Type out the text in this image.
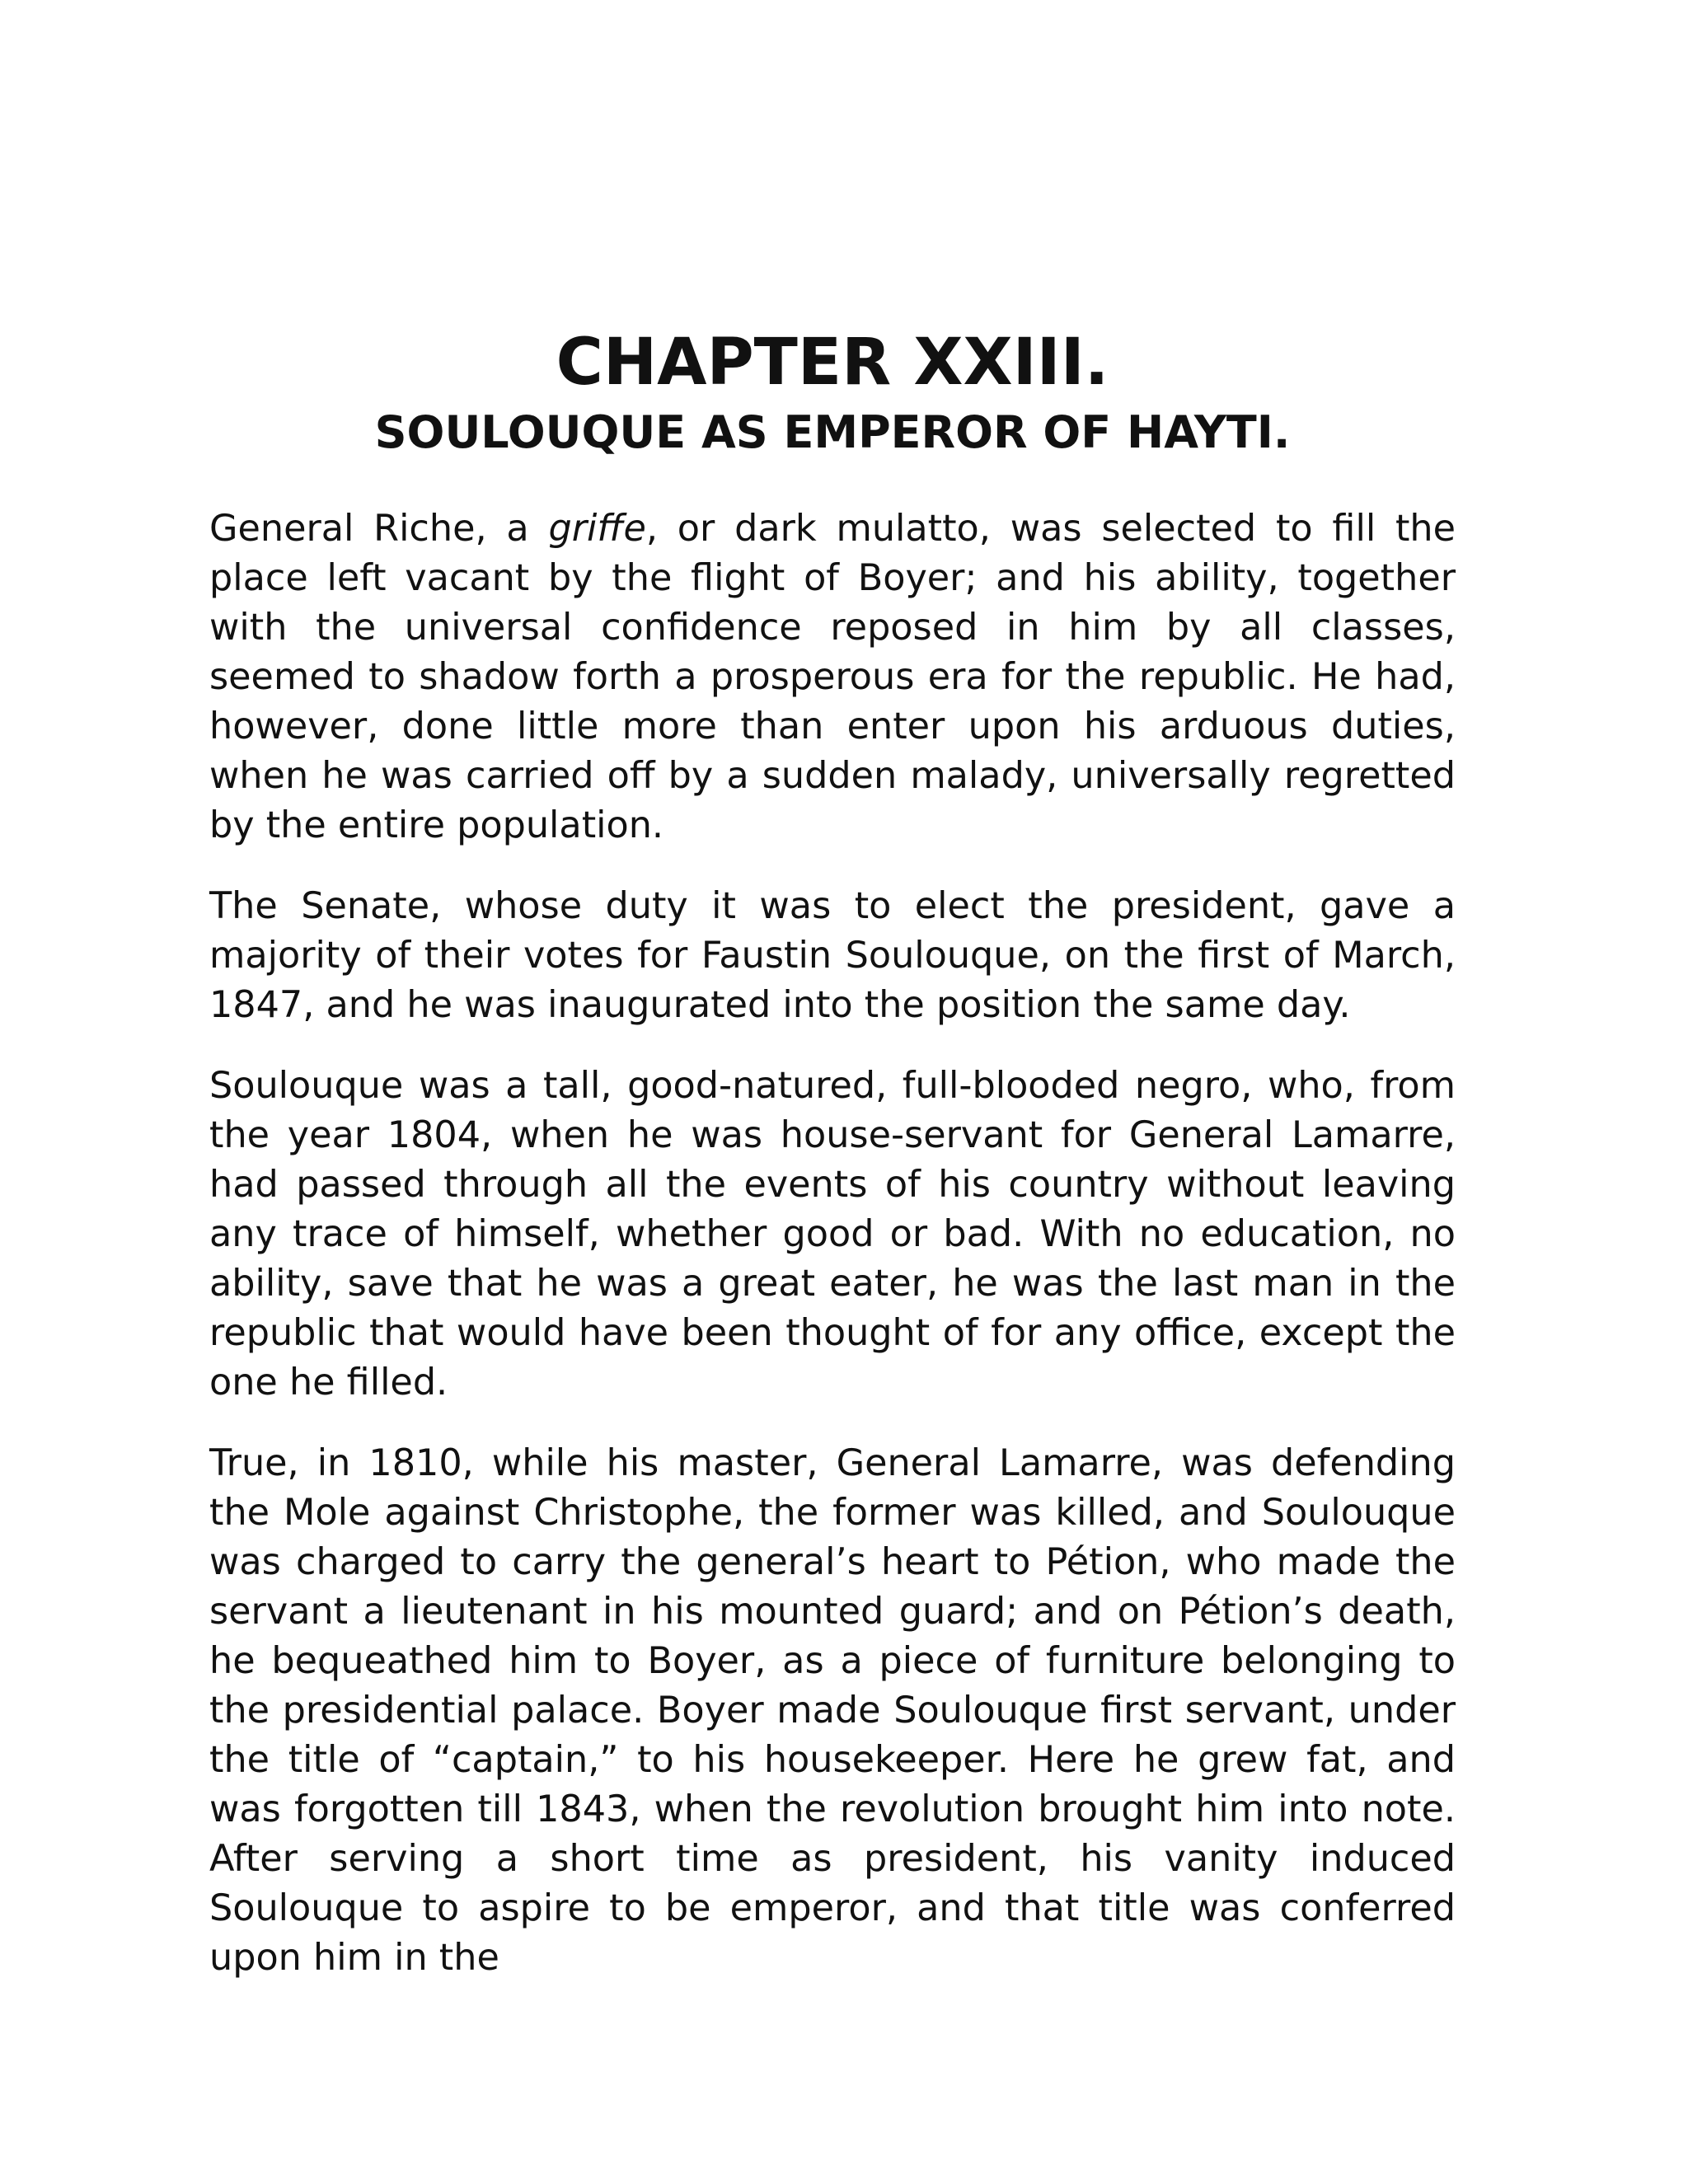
CHAPTER XXIII.
SOULOUQUE AS EMPEROR OF HAYTI.

General Riche, a griffe, or dark mulatto, was selected to fill the place left vacant by the flight of Boyer; and his ability, together with the universal confidence reposed in him by all classes, seemed to shadow forth a prosperous era for the republic. He had, however, done little more than enter upon his arduous duties, when he was carried off by a sudden malady, universally regretted by the entire population.

The Senate, whose duty it was to elect the president, gave a majority of their votes for Faustin Soulouque, on the first of March, 1847, and he was inaugurated into the position the same day.

Soulouque was a tall, good-natured, full-blooded negro, who, from the year 1804, when he was house-servant for General Lamarre, had passed through all the events of his country without leaving any trace of himself, whether good or bad. With no education, no ability, save that he was a great eater, he was the last man in the republic that would have been thought of for any office, except the one he filled.

True, in 1810, while his master, General Lamarre, was defending the Mole against Christophe, the former was killed, and Soulouque was charged to carry the general’s heart to Pétion, who made the servant a lieutenant in his mounted guard; and on Pétion’s death, he bequeathed him to Boyer, as a piece of furniture belonging to the presidential palace. Boyer made Soulouque first servant, under the title of “captain,” to his housekeeper. Here he grew fat, and was forgotten till 1843, when the revolution brought him into note. After serving a short time as president, his vanity induced Soulouque to aspire to be emperor, and that title was conferred upon him in the
